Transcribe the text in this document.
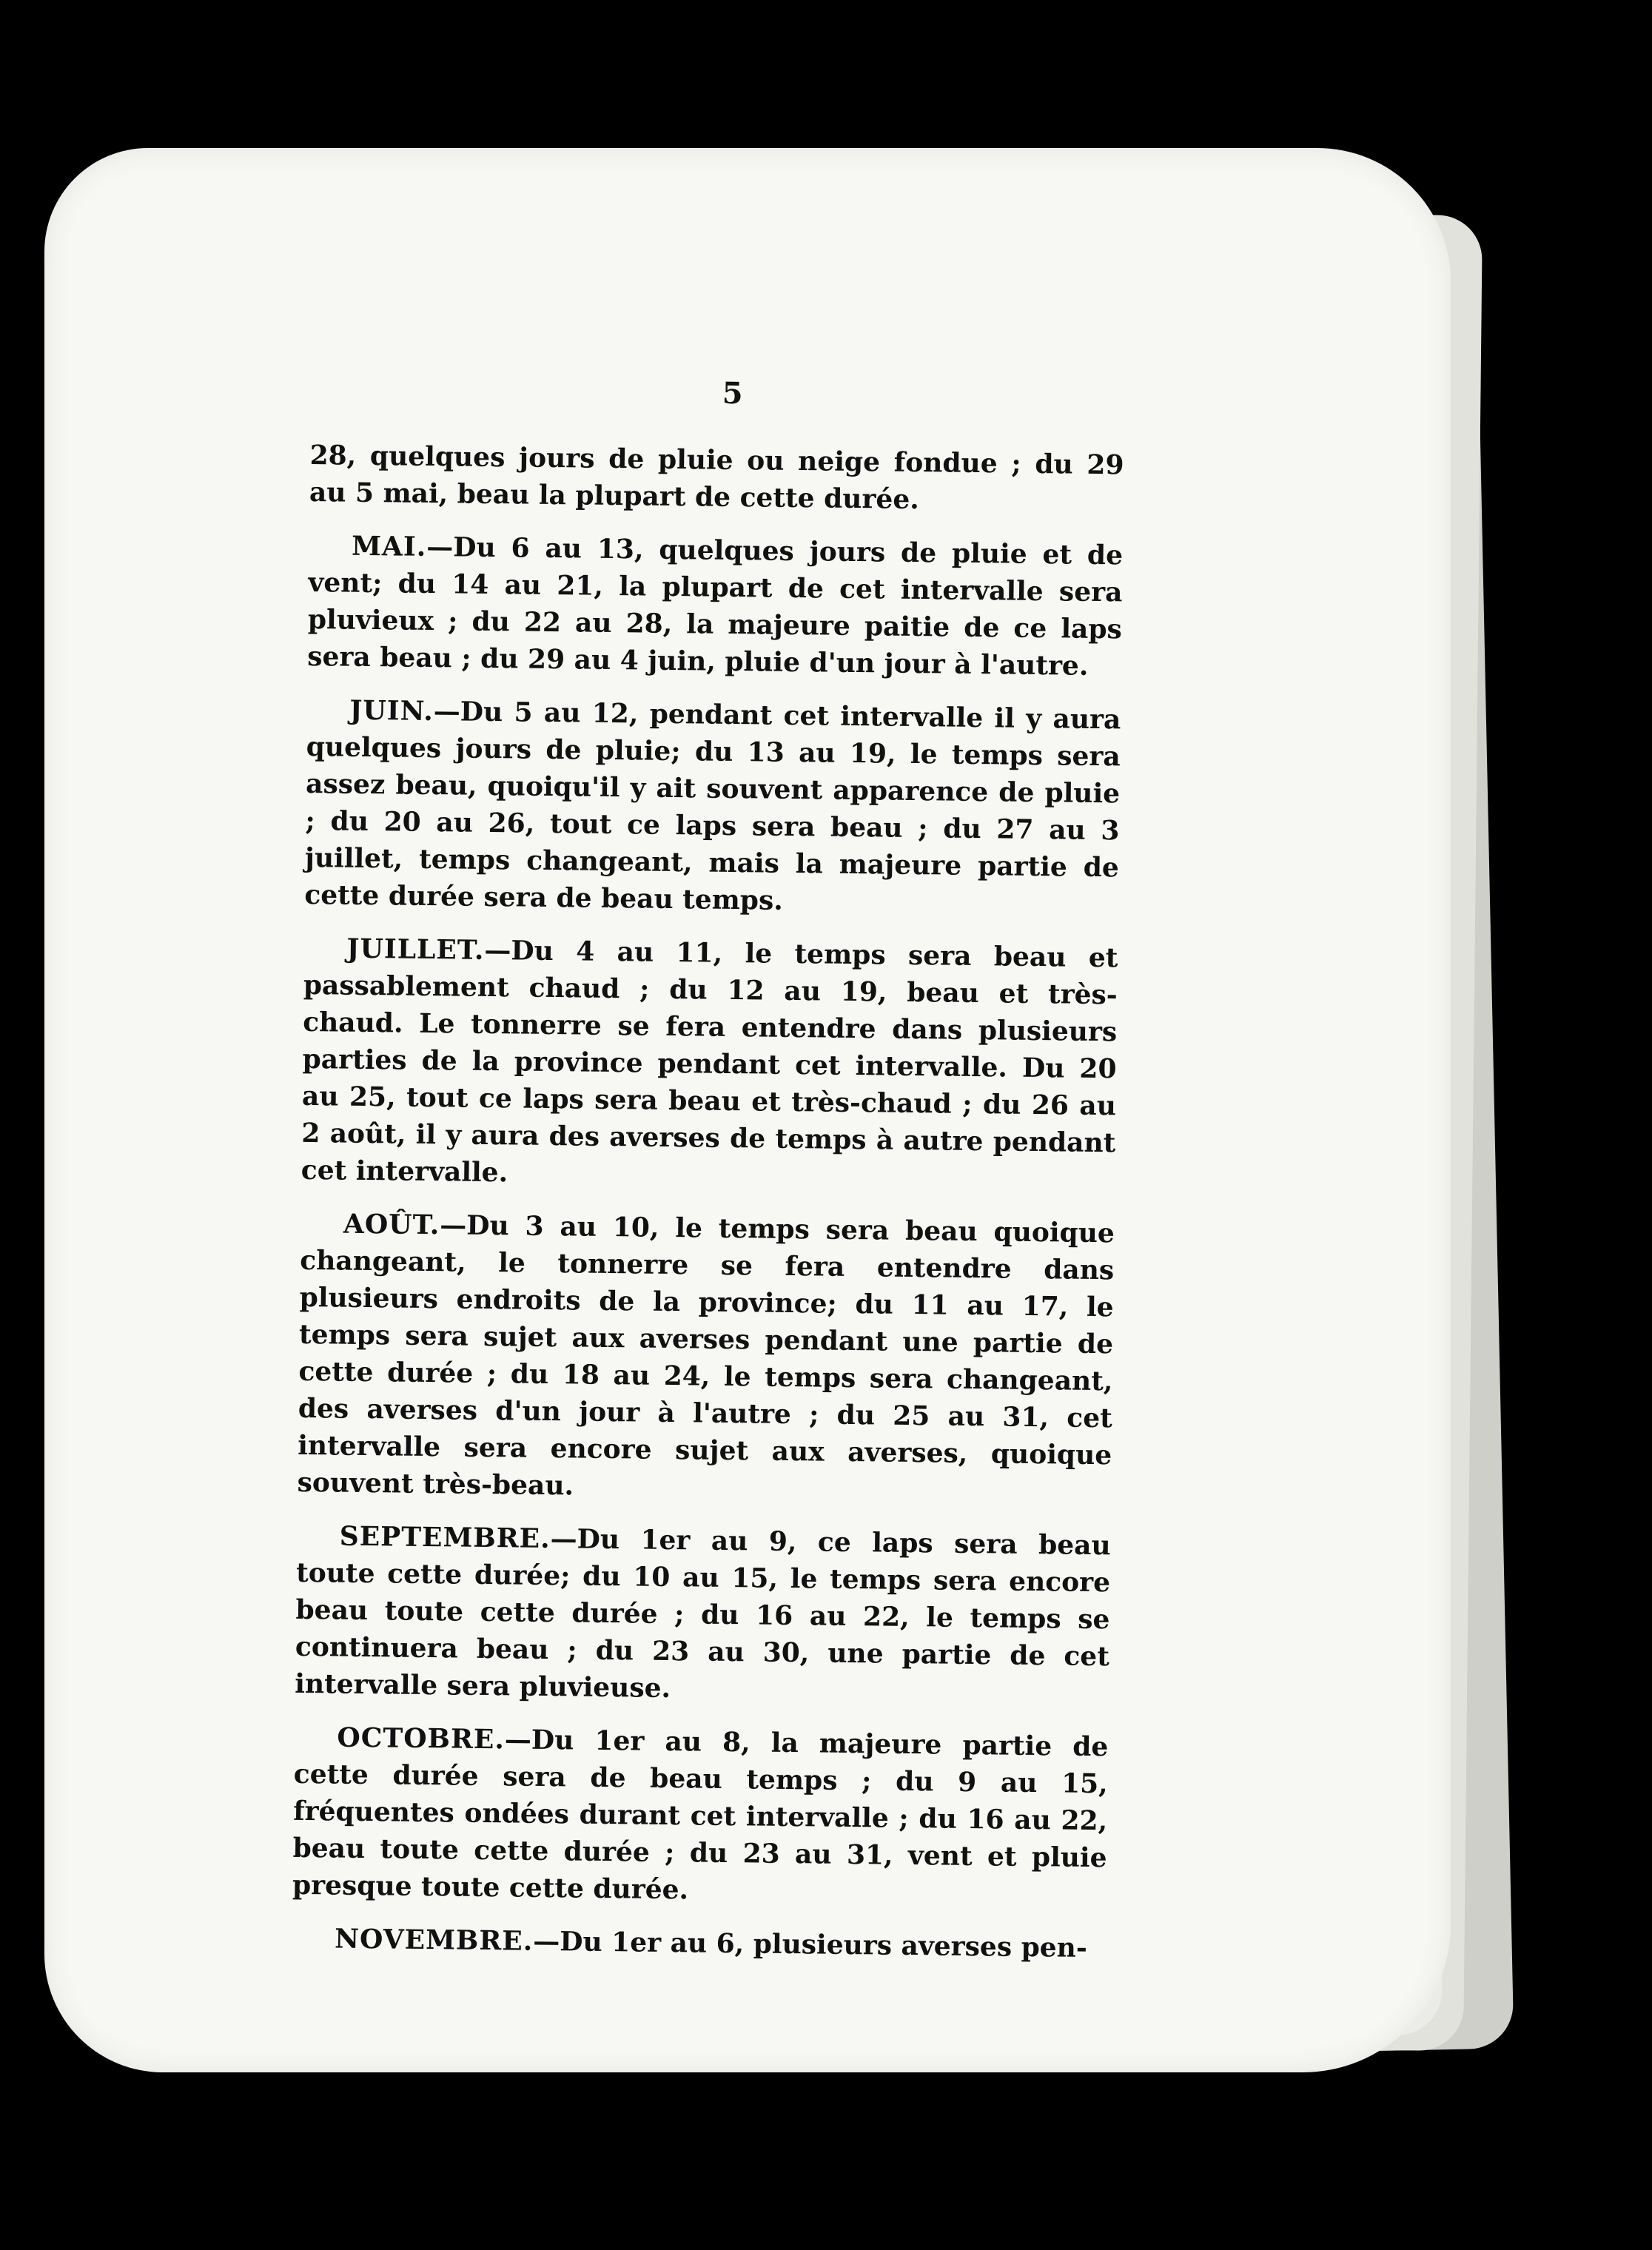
5

28, quelques jours de pluie ou neige fondue ; du 29 au 5 mai, beau la plupart de cette durée.

MAI.—Du 6 au 13, quelques jours de pluie et de vent; du 14 au 21, la plupart de cet intervalle sera pluvieux ; du 22 au 28, la majeure paitie de ce laps sera beau ; du 29 au 4 juin, pluie d'un jour à l'autre.

JUIN.—Du 5 au 12, pendant cet intervalle il y aura quelques jours de pluie; du 13 au 19, le temps sera assez beau, quoiqu'il y ait souvent apparence de pluie ; du 20 au 26, tout ce laps sera beau ; du 27 au 3 juillet, temps changeant, mais la majeure partie de cette durée sera de beau temps.

JUILLET.—Du 4 au 11, le temps sera beau et passablement chaud ; du 12 au 19, beau et très-chaud. Le tonnerre se fera entendre dans plusieurs parties de la province pendant cet intervalle. Du 20 au 25, tout ce laps sera beau et très-chaud ; du 26 au 2 août, il y aura des averses de temps à autre pendant cet intervalle.

AOÛT.—Du 3 au 10, le temps sera beau quoique changeant, le tonnerre se fera entendre dans plusieurs endroits de la province; du 11 au 17, le temps sera sujet aux averses pendant une partie de cette durée ; du 18 au 24, le temps sera changeant, des averses d'un jour à l'autre ; du 25 au 31, cet intervalle sera encore sujet aux averses, quoique souvent très-beau.

SEPTEMBRE.—Du 1er au 9, ce laps sera beau toute cette durée; du 10 au 15, le temps sera encore beau toute cette durée ; du 16 au 22, le temps se continuera beau ; du 23 au 30, une partie de cet intervalle sera pluvieuse.

OCTOBRE.—Du 1er au 8, la majeure partie de cette durée sera de beau temps ; du 9 au 15, fréquentes ondées durant cet intervalle ; du 16 au 22, beau toute cette durée ; du 23 au 31, vent et pluie presque toute cette durée.

NOVEMBRE.—Du 1er au 6, plusieurs averses pen-
